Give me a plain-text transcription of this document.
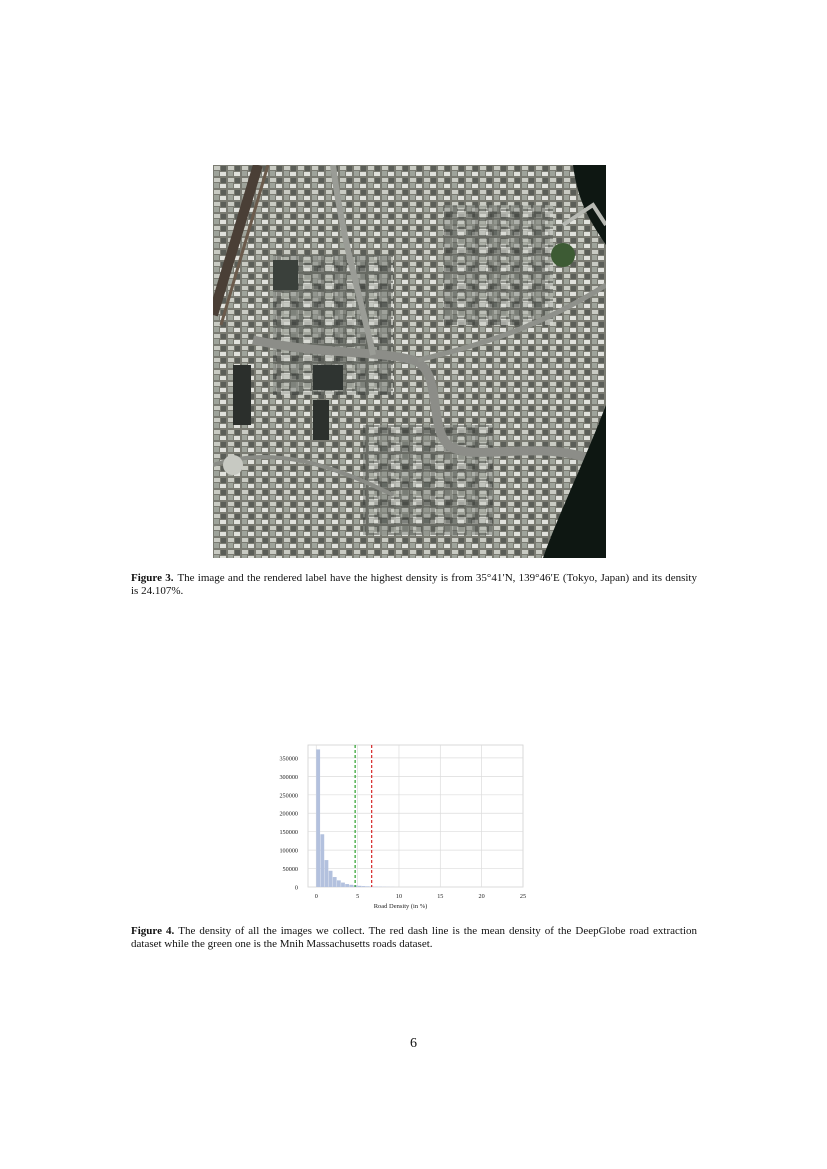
Figure 3. The image and the rendered label have the highest density is from 35°41′N, 139°46′E (Tokyo, Japan) and its density is 24.107%.
0
50000
100000
150000
200000
250000
300000
350000
0	5	10	15	20	25
Road Density (in %)
Figure 4. The density of all the images we collect. The red dash line is the mean density of the DeepGlobe road extraction dataset while the green one is the Mnih Massachusetts roads dataset.
6
